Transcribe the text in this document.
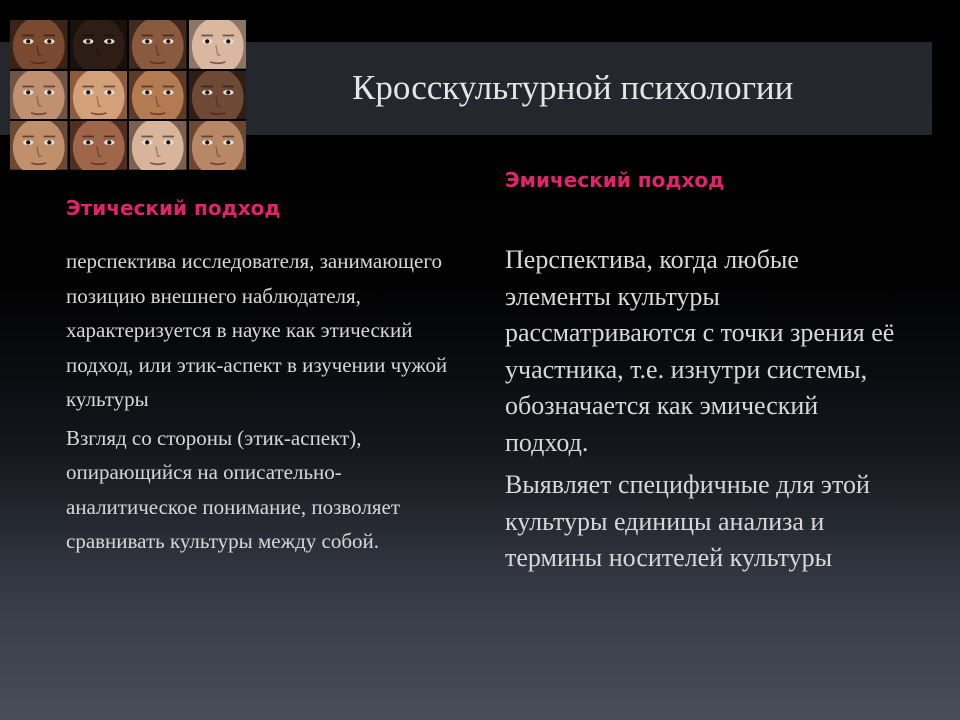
Кросскультурной психологии
Эмический подход
Этический подход

перспектива исследователя, занимающего позицию внешнего наблюдателя, характеризуется в науке как этический подход, или этик-аспект в изучении чужой культуры

Взгляд со стороны (этик-аспект), опирающийся на описательно-аналитическое понимание, позволяет сравнивать культуры между собой.

Перспектива, когда любые элементы культуры рассматриваются с точки зрения её участника, т.е. изнутри системы, обозначается как эмический подход.

Выявляет специфичные для этой культуры единицы анализа и термины носителей культуры
